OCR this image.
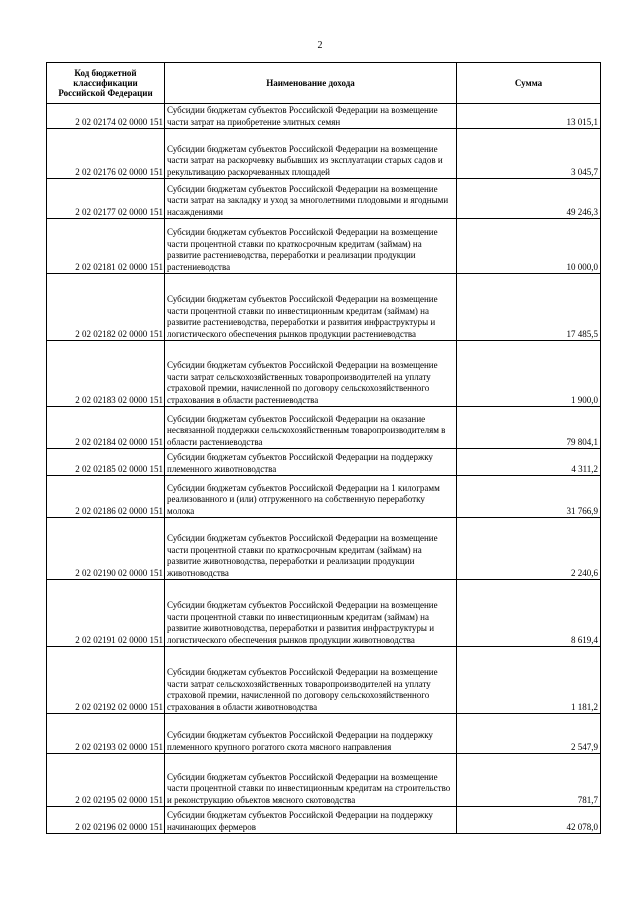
2
Код бюджетной классификации Российской Федерации	Наименование дохода	Сумма
2 02 02174 02 0000 151	Субсидии бюджетам субъектов Российской Федерации на возмещение части затрат на приобретение элитных семян	13 015,1
2 02 02176 02 0000 151	Субсидии бюджетам субъектов Российской Федерации на возмещение части затрат на раскорчевку выбывших из эксплуатации старых садов и рекультивацию раскорчеванных площадей	3 045,7
2 02 02177 02 0000 151	Субсидии бюджетам субъектов Российской Федерации на возмещение части затрат на закладку и уход за многолетними плодовыми и ягодными насаждениями	49 246,3
2 02 02181 02 0000 151	Субсидии бюджетам субъектов Российской Федерации на возмещение части процентной ставки по краткосрочным кредитам (займам) на развитие растениеводства, переработки и реализации продукции растениеводства	10 000,0
2 02 02182 02 0000 151	Субсидии бюджетам субъектов Российской Федерации на возмещение части процентной ставки по инвестиционным кредитам (займам) на развитие растениеводства, переработки и развития инфраструктуры и логистического обеспечения рынков продукции растениеводства	17 485,5
2 02 02183 02 0000 151	Субсидии бюджетам субъектов Российской Федерации на возмещение части затрат сельскохозяйственных товаропроизводителей на уплату страховой премии, начисленной по договору сельскохозяйственного страхования в области растениеводства	1 900,0
2 02 02184 02 0000 151	Субсидии бюджетам субъектов Российской Федерации на оказание несвязанной поддержки сельскохозяйственным товаропроизводителям в области растениеводства	79 804,1
2 02 02185 02 0000 151	Субсидии бюджетам субъектов Российской Федерации на поддержку племенного животноводства	4 311,2
2 02 02186 02 0000 151	Субсидии бюджетам субъектов Российской Федерации на 1 килограмм реализованного и (или) отгруженного на собственную переработку молока	31 766,9
2 02 02190 02 0000 151	Субсидии бюджетам субъектов Российской Федерации на возмещение части процентной ставки по краткосрочным кредитам (займам) на развитие животноводства, переработки и реализации продукции животноводства	2 240,6
2 02 02191 02 0000 151	Субсидии бюджетам субъектов Российской Федерации на возмещение части процентной ставки по инвестиционным кредитам (займам) на развитие животноводства, переработки и развития инфраструктуры и логистического обеспечения рынков продукции животноводства	8 619,4
2 02 02192 02 0000 151	Субсидии бюджетам субъектов Российской Федерации на возмещение части затрат сельскохозяйственных товаропроизводителей на уплату страховой премии, начисленной по договору сельскохозяйственного страхования в области животноводства	1 181,2
2 02 02193 02 0000 151	Субсидии бюджетам субъектов Российской Федерации на поддержку племенного крупного рогатого скота мясного направления	2 547,9
2 02 02195 02 0000 151	Субсидии бюджетам субъектов Российской Федерации на возмещение части процентной ставки по инвестиционным кредитам на строительство и реконструкцию объектов мясного скотоводства	781,7
2 02 02196 02 0000 151	Субсидии бюджетам субъектов Российской Федерации на поддержку начинающих фермеров	42 078,0
